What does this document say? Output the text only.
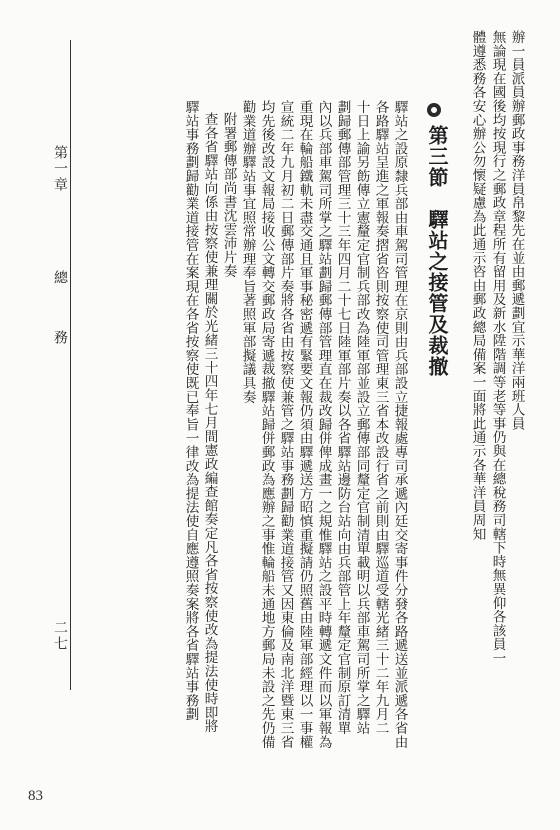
辦一員派員辦郵政事務洋員帛黎先在並由郵遞劃宜示華洋兩班人員
無論現在國後均按現行之郵政章程所有留用及新水陞階調等老等事仍與在總稅務司轄下時無異仰各該員一
體遵悉務各安心辦公勿懷疑慮為此通示咨由郵政總局備案一面將此通示各華洋員周知
第三節　驛站之接管及裁撤
驛站之設原隸兵部由車駕司管理在京則由兵部設立捷報處專司承遞內廷交寄事件分發各路遞送並派遞各省由
各路驛站呈進之軍報奏摺省咨則按察使司管理東三省本改設行省之前則由驛巡道受轄光緒三十二年九月二
十日上諭另飭傳立憲釐定官制兵部改為陸軍部並設立郵傳部同釐定官制清單載明以兵部車駕司所掌之驛站
劃歸郵傳部管理三十三年四月二十七日陸軍部片奏以各省驛站邊防台站向由兵部管上年釐定官制原訂清單
內以兵部車駕司所掌之驛站劃歸郵傳部管理直在裁改歸併俾成畫一之規惟驛站之設平時轉遞文件而以軍報為
重現在輪船鐵軌未盡交通且軍事秘密遞有緊要文報仍須由驛遞送方昭慎重擬請仍照舊由陸軍部經理以一事權
宣統二年九月初二日郵傳部片奏將各省由按察使兼管之驛站事務劃歸勸業道接管又因東倫及南北洋暨東三省
均先後改設文報局接收公文轉交郵政局寄遞裁撤驛站歸併郵政為應辦之事惟輪船未通地方郵局未設之先仍備
勸業道辦驛站事宜照常辦理奉旨著照軍部擬議具奏
附署郵傳部尚書沈雲沛片奏
查各省驛站向係由按察使兼理關於光緒三十四年七月間憲政編查館奏定凡各省按察使改為提法使時即將
驛站事務劃歸勸業道接管在案現在各省按察使既已奉旨一律改為提法使自應遵照奏案將各省驛站事務劃
第一章
總
務
二七
83
